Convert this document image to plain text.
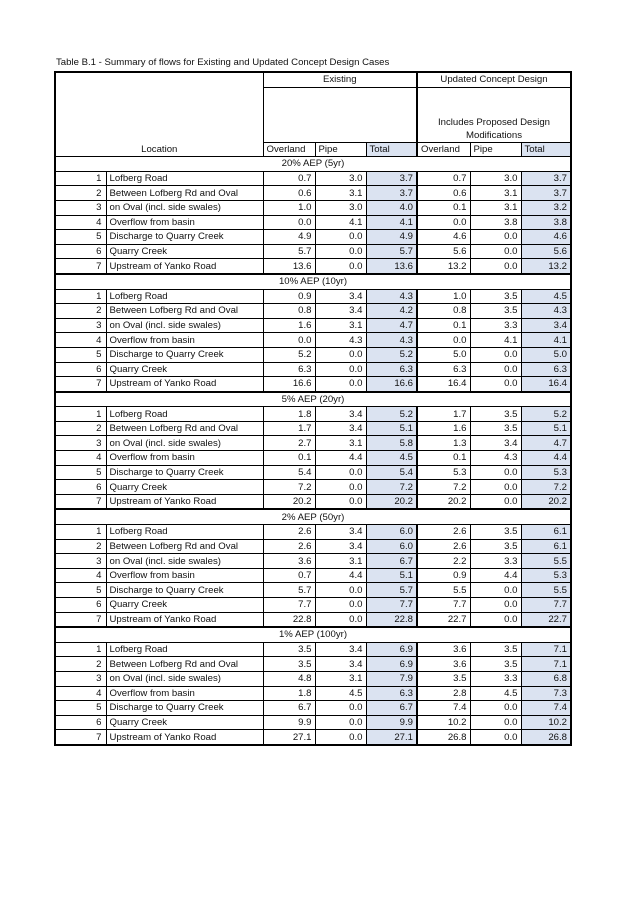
Table B.1 - Summary of flows for Existing and Updated Concept Design Cases
		Existing			Updated Concept Design		

					Includes Proposed Design
Modifications		

Location		Overland	Pipe	Total	Overland	Pipe	Total
20% AEP (5yr)							
1	Lofberg Road	0.7	3.0	3.7	0.7	3.0	3.7
2	Between Lofberg Rd and Oval	0.6	3.1	3.7	0.6	3.1	3.7
3	on Oval (incl. side swales)	1.0	3.0	4.0	0.1	3.1	3.2
4	Overflow from basin	0.0	4.1	4.1	0.0	3.8	3.8
5	Discharge to Quarry Creek	4.9	0.0	4.9	4.6	0.0	4.6
6	Quarry Creek	5.7	0.0	5.7	5.6	0.0	5.6
7	Upstream of Yanko Road	13.6	0.0	13.6	13.2	0.0	13.2
10% AEP (10yr)							
1	Lofberg Road	0.9	3.4	4.3	1.0	3.5	4.5
2	Between Lofberg Rd and Oval	0.8	3.4	4.2	0.8	3.5	4.3
3	on Oval (incl. side swales)	1.6	3.1	4.7	0.1	3.3	3.4
4	Overflow from basin	0.0	4.3	4.3	0.0	4.1	4.1
5	Discharge to Quarry Creek	5.2	0.0	5.2	5.0	0.0	5.0
6	Quarry Creek	6.3	0.0	6.3	6.3	0.0	6.3
7	Upstream of Yanko Road	16.6	0.0	16.6	16.4	0.0	16.4
5% AEP (20yr)							
1	Lofberg Road	1.8	3.4	5.2	1.7	3.5	5.2
2	Between Lofberg Rd and Oval	1.7	3.4	5.1	1.6	3.5	5.1
3	on Oval (incl. side swales)	2.7	3.1	5.8	1.3	3.4	4.7
4	Overflow from basin	0.1	4.4	4.5	0.1	4.3	4.4
5	Discharge to Quarry Creek	5.4	0.0	5.4	5.3	0.0	5.3
6	Quarry Creek	7.2	0.0	7.2	7.2	0.0	7.2
7	Upstream of Yanko Road	20.2	0.0	20.2	20.2	0.0	20.2
2% AEP (50yr)							
1	Lofberg Road	2.6	3.4	6.0	2.6	3.5	6.1
2	Between Lofberg Rd and Oval	2.6	3.4	6.0	2.6	3.5	6.1
3	on Oval (incl. side swales)	3.6	3.1	6.7	2.2	3.3	5.5
4	Overflow from basin	0.7	4.4	5.1	0.9	4.4	5.3
5	Discharge to Quarry Creek	5.7	0.0	5.7	5.5	0.0	5.5
6	Quarry Creek	7.7	0.0	7.7	7.7	0.0	7.7
7	Upstream of Yanko Road	22.8	0.0	22.8	22.7	0.0	22.7
1% AEP (100yr)							
1	Lofberg Road	3.5	3.4	6.9	3.6	3.5	7.1
2	Between Lofberg Rd and Oval	3.5	3.4	6.9	3.6	3.5	7.1
3	on Oval (incl. side swales)	4.8	3.1	7.9	3.5	3.3	6.8
4	Overflow from basin	1.8	4.5	6.3	2.8	4.5	7.3
5	Discharge to Quarry Creek	6.7	0.0	6.7	7.4	0.0	7.4
6	Quarry Creek	9.9	0.0	9.9	10.2	0.0	10.2
7	Upstream of Yanko Road	27.1	0.0	27.1	26.8	0.0	26.8
